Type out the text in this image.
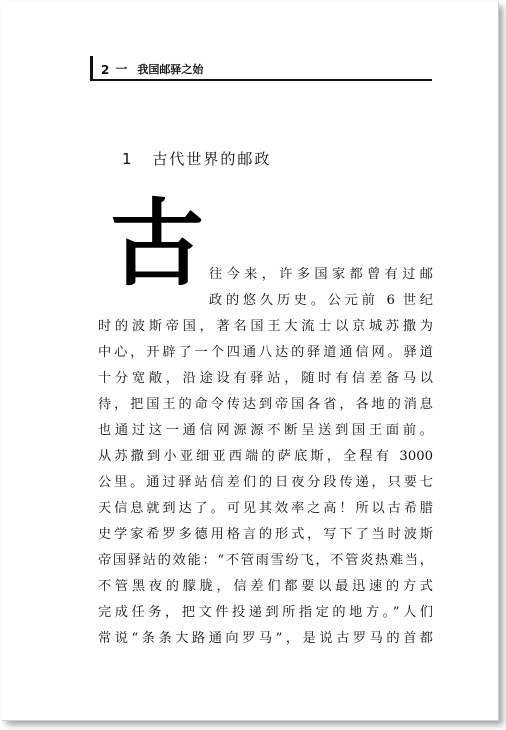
2 一 我国邮驿之始
1 古代世界的邮政
古 往今来，许多国家都曾有过邮
政的悠久历史。公元前 6 世纪
时的波斯帝国，著名国王大流士以京城苏撒为
中心，开辟了一个四通八达的驿道通信网。驿道
十分宽敞，沿途设有驿站，随时有信差备马以
待，把国王的命令传达到帝国各省，各地的消息
也通过这一通信网源源不断呈送到国王面前。
从苏撒到小亚细亚西端的萨底斯，全程有 3000
公里。通过驿站信差们的日夜分段传递，只要七
天信息就到达了。可见其效率之高！所以古希腊
史学家希罗多德用格言的形式，写下了当时波斯
帝国驿站的效能：“不管雨雪纷飞，不管炎热难当，
不管黑夜的朦胧，信差们都要以最迅速的方式
完成任务，把文件投递到所指定的地方。”人们
常说“条条大路通向罗马”，是说古罗马的首都
